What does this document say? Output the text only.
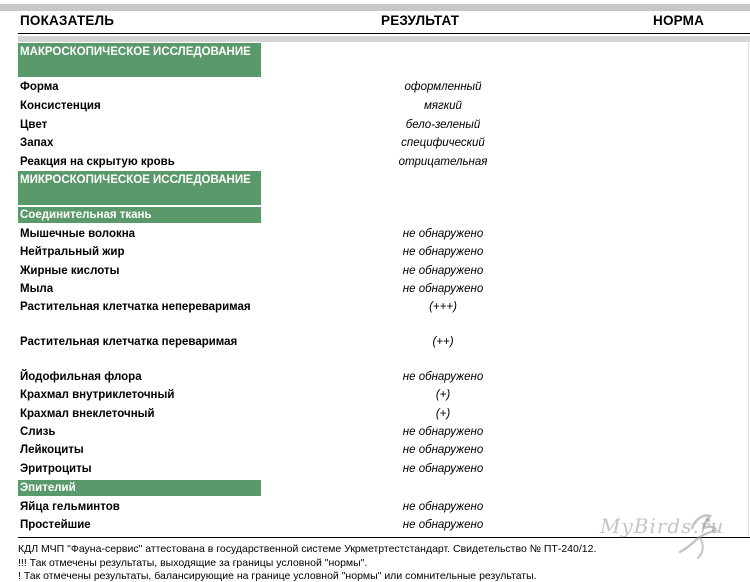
ПОКАЗАТЕЛЬ	РЕЗУЛЬТАТ	НОРМА
МАКРОСКОПИЧЕСКОЕ ИССЛЕДОВАНИЕ
Форма	оформленный
Консистенция	мягкий
Цвет	бело-зеленый
Запах	специфический
Реакция на скрытую кровь	отрицательная
МИКРОСКОПИЧЕСКОЕ ИССЛЕДОВАНИЕ
Соединительная ткань
Мышечные волокна	не обнаружено
Нейтральный жир	не обнаружено
Жирные кислоты	не обнаружено
Мыла	не обнаружено
Растительная клетчатка непереваримая	(+++)
Растительная клетчатка переваримая	(++)
Йодофильная флора	не обнаружено
Крахмал внутриклеточный	(+)
Крахмал внеклеточный	(+)
Слизь	не обнаружено
Лейкоциты	не обнаружено
Эритроциты	не обнаружено
Эпителий
Яйца гельминтов	не обнаружено
Простейшие	не обнаружено
КДЛ МЧП "Фауна-сервис" аттестована в государственной системе Укрметртестстандарт. Свидетельство № ПТ-240/12.
!!! Так отмечены результаты, выходящие за границы условной "нормы".
! Так отмечены результаты, балансирующие на границе условной "нормы" или сомнительные результаты.
MyBirds.ru
